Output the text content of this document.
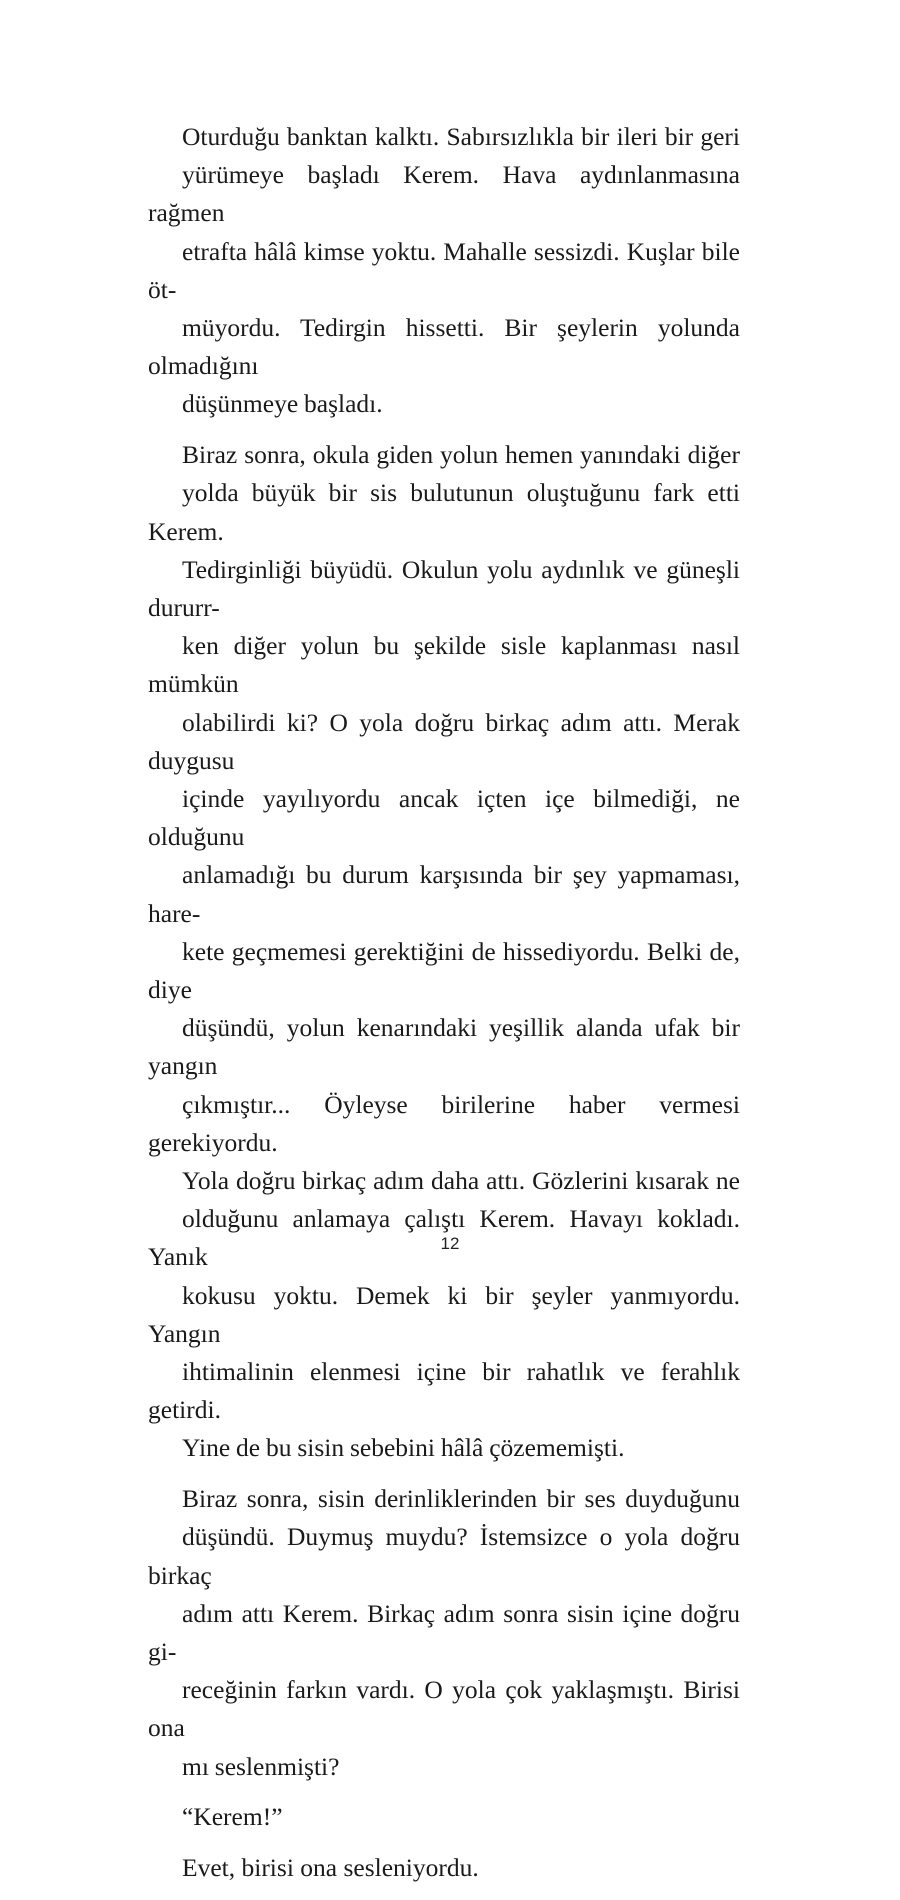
Oturduğu banktan kalktı. Sabırsızlıkla bir ileri bir geri
yürümeye başladı Kerem. Hava aydınlanmasına rağmen
etrafta hâlâ kimse yoktu. Mahalle sessizdi. Kuşlar bile öt-
müyordu. Tedirgin hissetti. Bir şeylerin yolunda olmadığını
düşünmeye başladı.

Biraz sonra, okula giden yolun hemen yanındaki diğer
yolda büyük bir sis bulutunun oluştuğunu fark etti Kerem.
Tedirginliği büyüdü. Okulun yolu aydınlık ve güneşli dururr-
ken diğer yolun bu şekilde sisle kaplanması nasıl mümkün
olabilirdi ki? O yola doğru birkaç adım attı. Merak duygusu
içinde yayılıyordu ancak içten içe bilmediği, ne olduğunu
anlamadığı bu durum karşısında bir şey yapmaması, hare-
kete geçmemesi gerektiğini de hissediyordu. Belki de, diye
düşündü, yolun kenarındaki yeşillik alanda ufak bir yangın
çıkmıştır... Öyleyse birilerine haber vermesi gerekiyordu.
Yola doğru birkaç adım daha attı. Gözlerini kısarak ne
olduğunu anlamaya çalıştı Kerem. Havayı kokladı. Yanık
kokusu yoktu. Demek ki bir şeyler yanmıyordu. Yangın
ihtimalinin elenmesi içine bir rahatlık ve ferahlık getirdi.
Yine de bu sisin sebebini hâlâ çözememişti.

Biraz sonra, sisin derinliklerinden bir ses duyduğunu
düşündü. Duymuş muydu? İstemsizce o yola doğru birkaç
adım attı Kerem. Birkaç adım sonra sisin içine doğru gi-
receğinin farkın vardı. O yola çok yaklaşmıştı. Birisi ona
mı seslenmişti?

“Kerem!”

Evet, birisi ona sesleniyordu.

12
